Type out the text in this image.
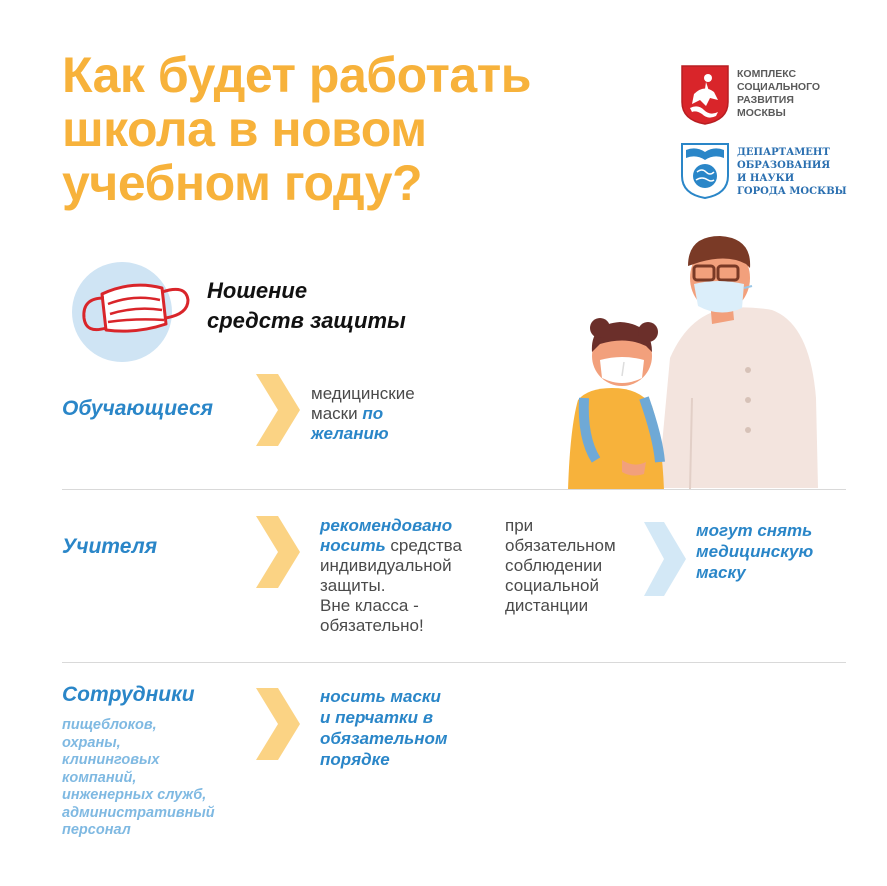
Как будет работать
школа в новом
учебном году?
КОМПЛЕКС
СОЦИАЛЬНОГО
РАЗВИТИЯ
МОСКВЫ
ДЕПАРТАМЕНТ
ОБРАЗОВАНИЯ
И НАУКИ
ГОРОДА МОСКВЫ
Ношение
средств защиты
Обучающиеся
медицинские
маски по
желанию
Учителя
рекомендовано
носить средства
индивидуальной
защиты.
Вне класса -
обязательно!
при
обязательном
соблюдении
социальной
дистанции
могут снять
медицинскую
маску
Сотрудники
пищеблоков,
охраны,
клининговых
компаний,
инженерных служб,
административный
персонал
носить маски
и перчатки в
обязательном
порядке
